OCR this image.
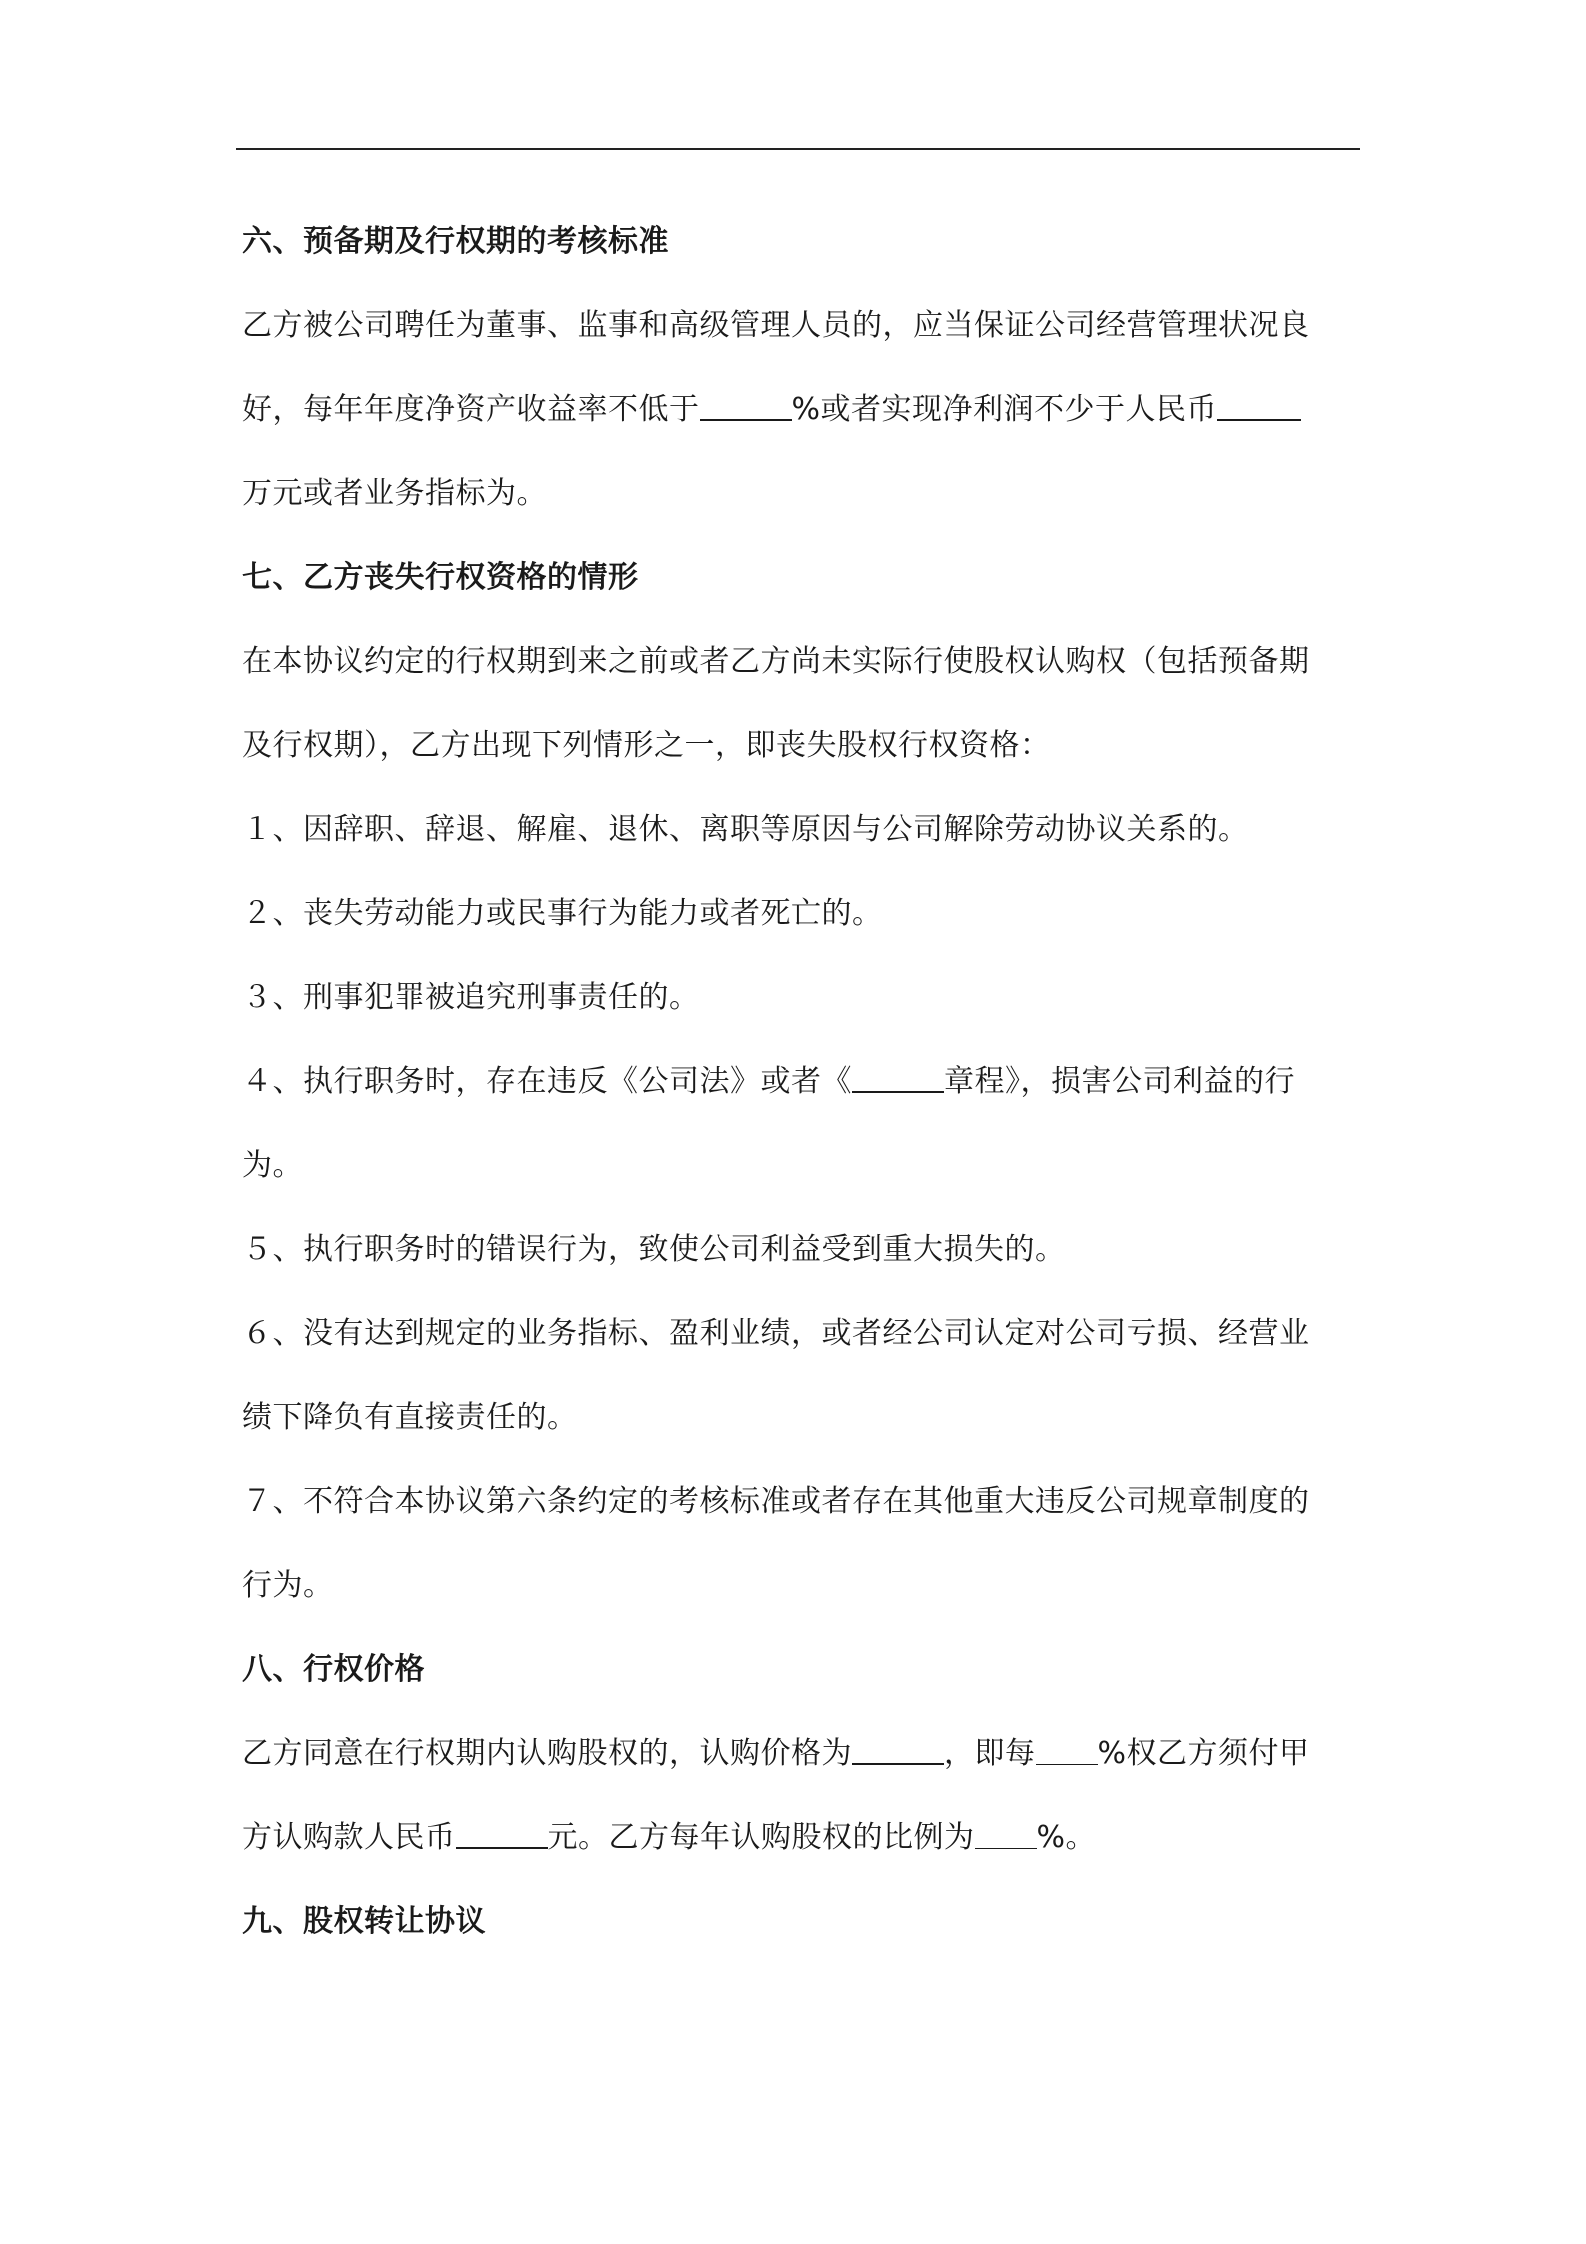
六、预备期及行权期的考核标准
乙方被公司聘任为董事、监事和高级管理人员的，应当保证公司经营管理状况良
好，每年年度净资产收益率不低于	%或者实现净利润不少于人民币
万元或者业务指标为。
七、乙方丧失行权资格的情形
在本协议约定的行权期到来之前或者乙方尚未实际行使股权认购权（包括预备期
及行权期），乙方出现下列情形之一，即丧失股权行权资格：
１、因辞职、辞退、解雇、退休、离职等原因与公司解除劳动协议关系的。
２、丧失劳动能力或民事行为能力或者死亡的。
３、刑事犯罪被追究刑事责任的。
４、执行职务时，存在违反《公司法》或者《	章程》，损害公司利益的行
为。
５、执行职务时的错误行为，致使公司利益受到重大损失的。
６、没有达到规定的业务指标、盈利业绩，或者经公司认定对公司亏损、经营业
绩下降负有直接责任的。
７、不符合本协议第六条约定的考核标准或者存在其他重大违反公司规章制度的
行为。
八、行权价格
乙方同意在行权期内认购股权的，认购价格为	，即每 %权乙方须付甲
方认购款人民币	元。乙方每年认购股权的比例为 %。
九、股权转让协议
